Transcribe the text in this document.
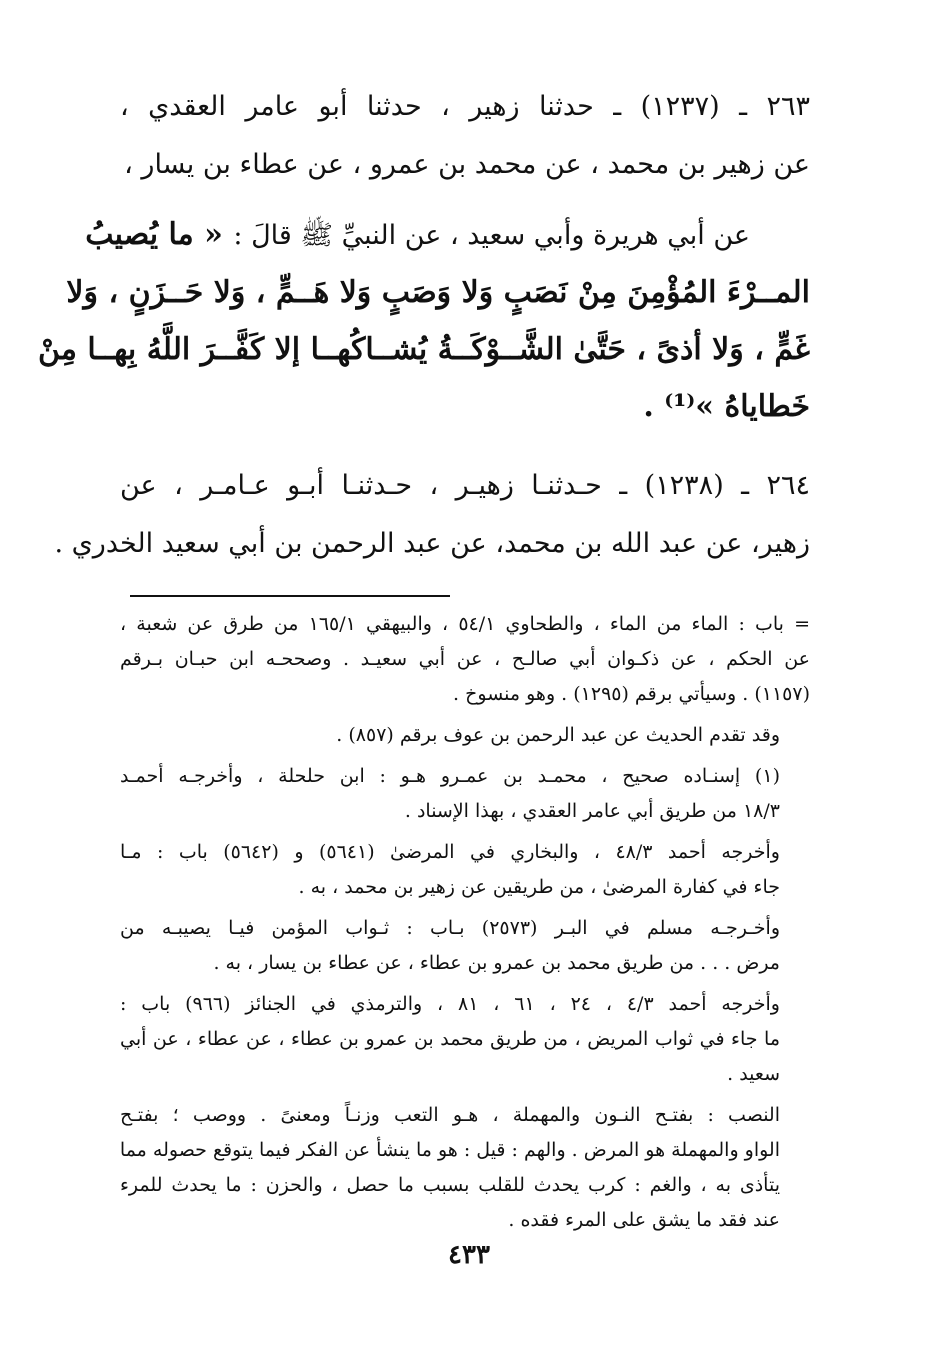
٢٦٣ ـ (١٢٣٧) ـ حدثنا زهير ، حدثنا أبو عامر العقدي ،
عن زهير بن محمد ، عن محمد بن عمرو ، عن عطاء بن يسار ،
عن أبي هريرة وأبي سعيد ، عن النبيِّ ﷺ قالَ : « ما يُصيبُ
المــرْءَ المُؤْمِنَ مِنْ نَصَبٍ وَلا وَصَبٍ وَلا هَــمٍّ ، وَلا حَــزَنٍ ، وَلا
غَمٍّ ، وَلا أذىً ، حَتَّىٰ الشَّــوْكَــةُ يُشــاكُهــا إلا كَفَّــرَ اللَّهُ بِهــا مِنْ
خَطاياهُ »⁽¹⁾ .
٢٦٤ ـ (١٢٣٨) ـ حـدثنـا زهيـر ، حـدثنـا أبـو عـامـر ، عن
زهير، عن عبد الله بن محمد، عن عبد الرحمن بن أبي سعيد الخدري .
= باب : الماء من الماء ، والطحاوي ٥٤/١ ، والبيهقي ١٦٥/١ من طرق عن شعبة ،
عن الحكم ، عن ذكـوان أبي صالـح ، عن أبي سعيـد . وصححـه ابن حبـان بـرقم
(١١٥٧) . وسيأتي برقم (١٢٩٥) . وهو منسوخ .
وقد تقدم الحديث عن عبد الرحمن بن عوف برقم (٨٥٧) .
(١) إسنـاده صحيح ، محمـد بن عمـرو هـو : ابن حلحلة ، وأخرجـه أحمـد
١٨/٣ من طريق أبي عامر العقدي ، بهذا الإسناد .
وأخرجه أحمد ٤٨/٣ ، والبخاري في المرضىٰ (٥٦٤١) و (٥٦٤٢) باب : مـا
جاء في كفارة المرضىٰ ، من طريقين عن زهير بن محمد ، به .
وأخـرجـه مسلم في البـر (٢٥٧٣) بـاب : ثـواب المؤمن فيـا يصيبـه من
مرض . . . من طريق محمد بن عمرو بن عطاء ، عن عطاء بن يسار ، به .
وأخرجه أحمد ٤/٣ ، ٢٤ ، ٦١ ، ٨١ ، والترمذي في الجنائز (٩٦٦) باب :
ما جاء في ثواب المريض ، من طريق محمد بن عمرو بن عطاء ، عن عطاء ، عن أبي
سعيد .
النصب : بفتـح النـون والمهملة ، هـو التعب وزنـاً ومعنىً . ووصب ؛ بفتـح
الواو والمهملة هو المرض . والهم : قيل : هو ما ينشأ عن الفكر فيما يتوقع حصوله مما
يتأذى به ، والغم : كرب يحدث للقلب بسبب ما حصل ، والحزن : ما يحدث للمرء
عند فقد ما يشق على المرء فقده .
٤٣٣
